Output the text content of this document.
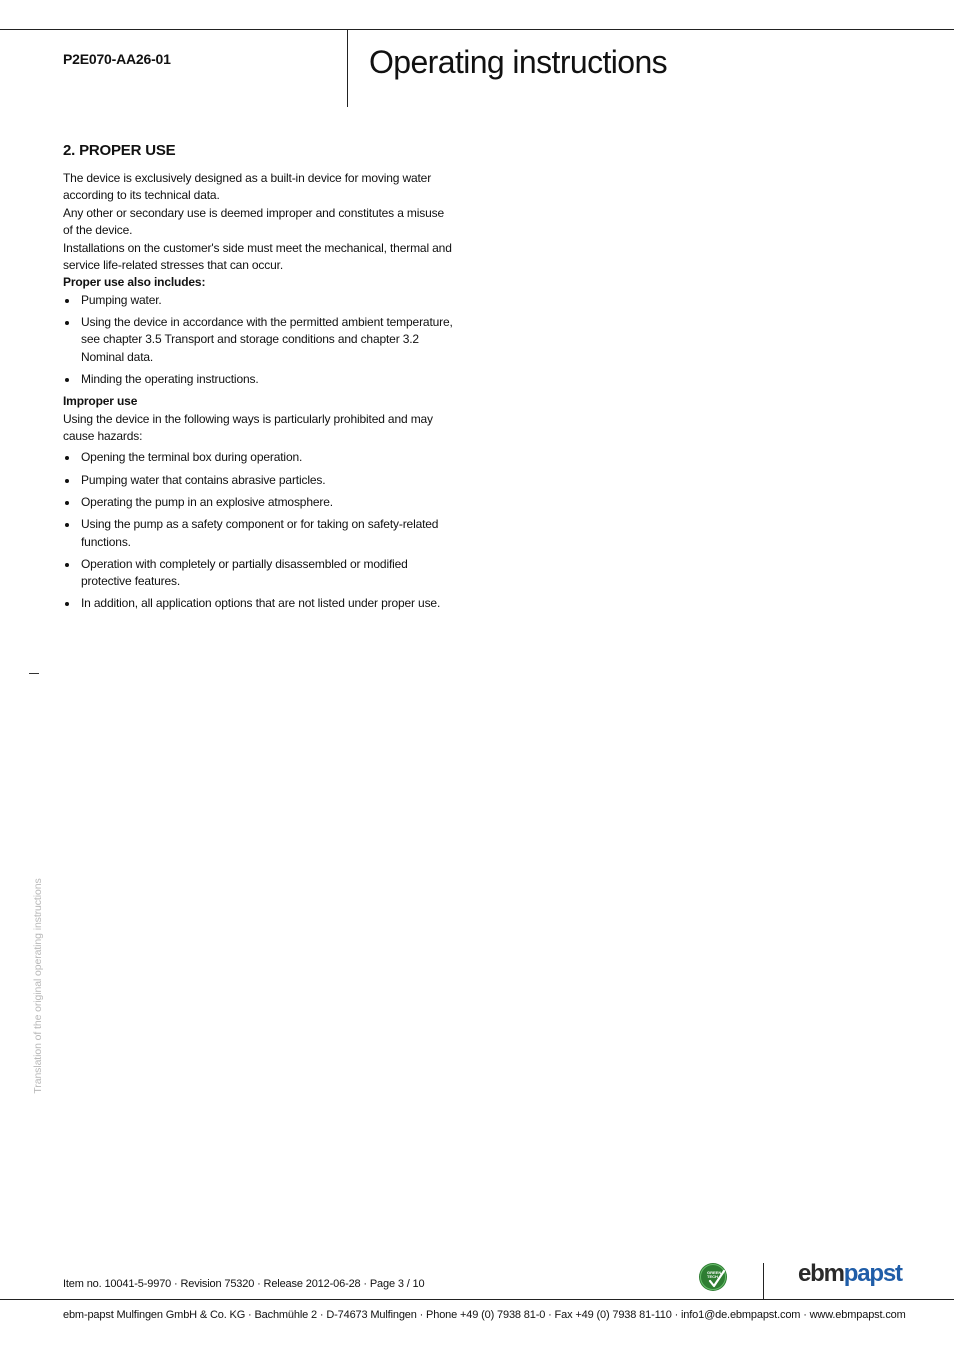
P2E070-AA26-01	Operating instructions
2. PROPER USE

The device is exclusively designed as a built-in device for moving water according to its technical data.

Any other or secondary use is deemed improper and constitutes a misuse of the device.

Installations on the customer's side must meet the mechanical, thermal and service life-related stresses that can occur.

Proper use also includes:

Pumping water.
Using the device in accordance with the permitted ambient temperature, see chapter 3.5 Transport and storage conditions and chapter 3.2 Nominal data.
Minding the operating instructions.

Improper use

Using the device in the following ways is particularly prohibited and may cause hazards:

Opening the terminal box during operation.
Pumping water that contains abrasive particles.
Operating the pump in an explosive atmosphere.
Using the pump as a safety component or for taking on safety-related functions.
Operation with completely or partially disassembled or modified protective features.
In addition, all application options that are not listed under proper use.
Translation of the original operating instructions
Item no. 10041-5-9970 · Revision 75320 · Release 2012-06-28 · Page 3 / 10
GREEN
TECH	ebmpapst
ebm-papst Mulfingen GmbH & Co. KG · Bachmühle 2 · D-74673 Mulfingen · Phone +49 (0) 7938 81-0 · Fax +49 (0) 7938 81-110 · info1@de.ebmpapst.com · www.ebmpapst.com
